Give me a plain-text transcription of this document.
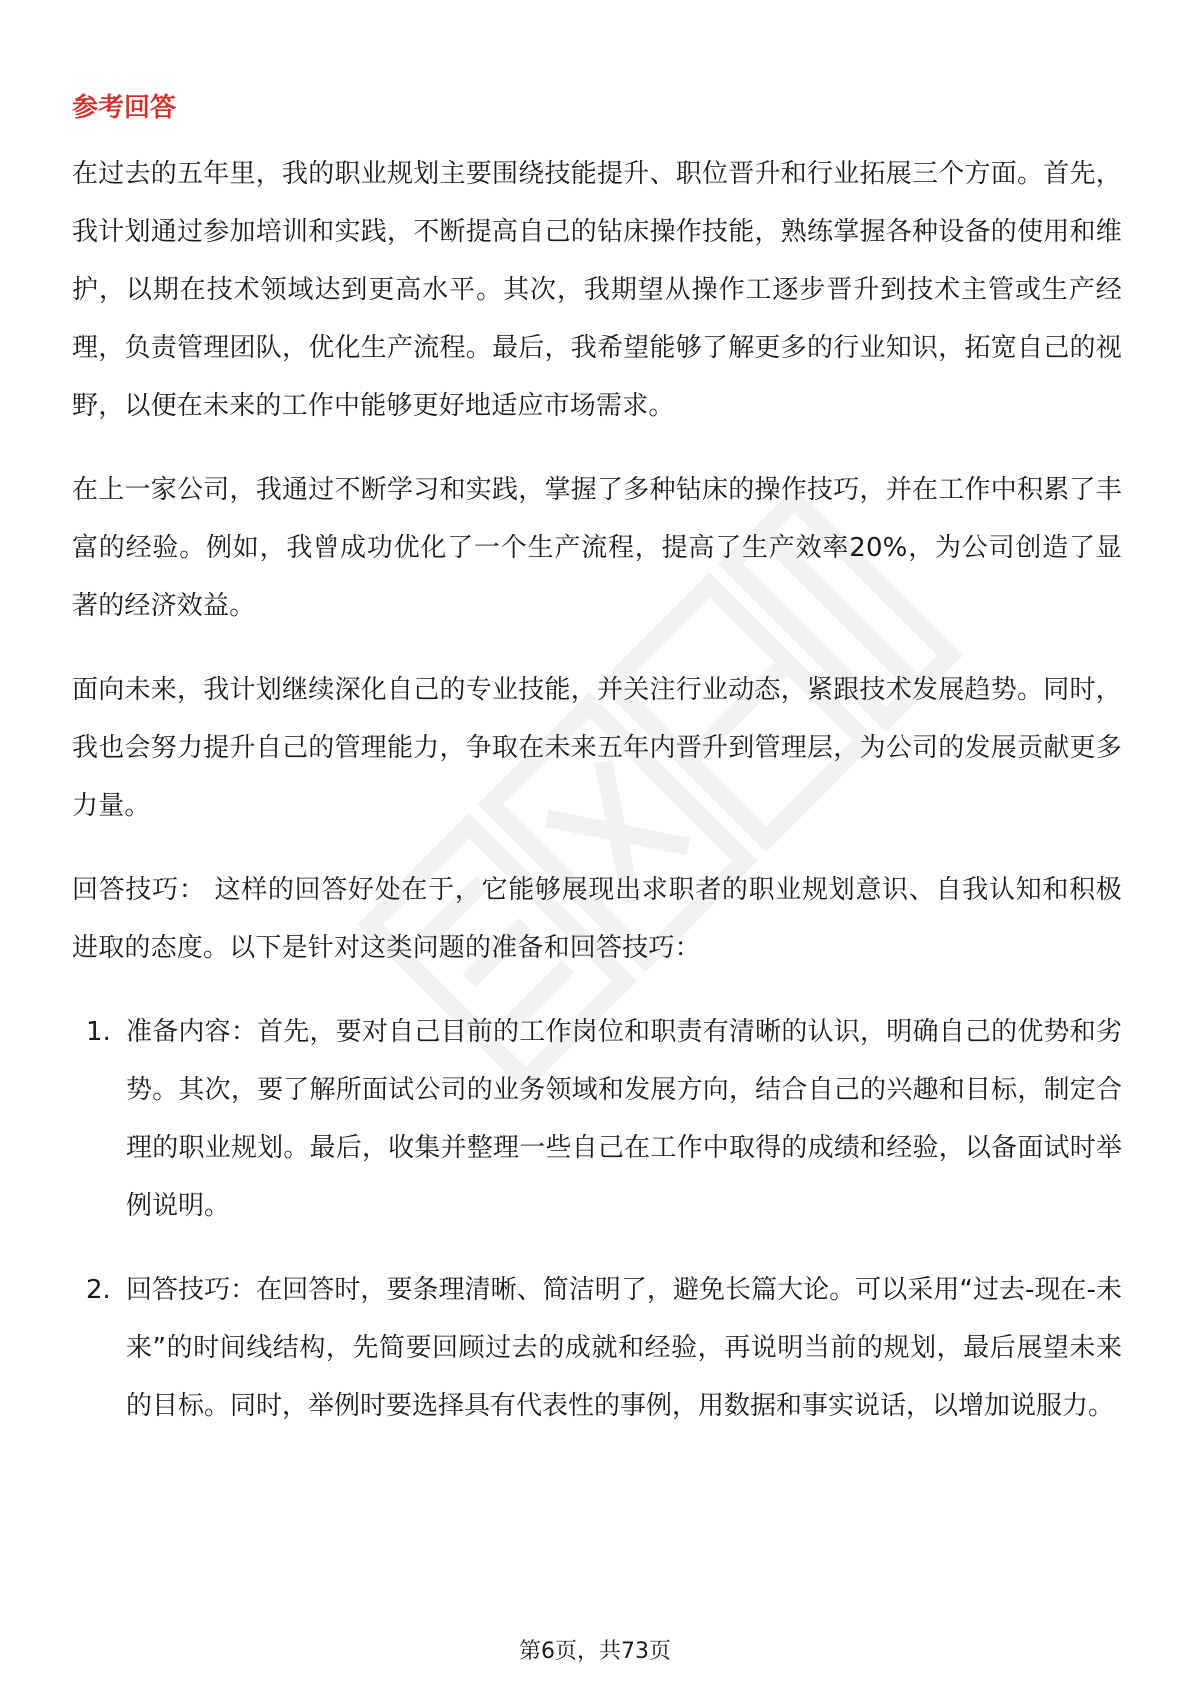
参考回答

在过去的五年里，我的职业规划主要围绕技能提升、职位晋升和行业拓展三个方面。首先，我计划通过参加培训和实践，不断提高自己的钻床操作技能，熟练掌握各种设备的使用和维护，以期在技术领域达到更高水平。其次，我期望从操作工逐步晋升到技术主管或生产经理，负责管理团队，优化生产流程。最后，我希望能够了解更多的行业知识，拓宽自己的视野，以便在未来的工作中能够更好地适应市场需求。

在上一家公司，我通过不断学习和实践，掌握了多种钻床的操作技巧，并在工作中积累了丰富的经验。例如，我曾成功优化了一个生产流程，提高了生产效率20%，为公司创造了显著的经济效益。

面向未来，我计划继续深化自己的专业技能，并关注行业动态，紧跟技术发展趋势。同时，我也会努力提升自己的管理能力，争取在未来五年内晋升到管理层，为公司的发展贡献更多力量。

回答技巧： 这样的回答好处在于，它能够展现出求职者的职业规划意识、自我认知和积极进取的态度。以下是针对这类问题的准备和回答技巧：

1. 准备内容：首先，要对自己目前的工作岗位和职责有清晰的认识，明确自己的优势和劣势。其次，要了解所面试公司的业务领域和发展方向，结合自己的兴趣和目标，制定合理的职业规划。最后，收集并整理一些自己在工作中取得的成绩和经验，以备面试时举例说明。

2. 回答技巧：在回答时，要条理清晰、简洁明了，避免长篇大论。可以采用“过去-现在-未来”的时间线结构，先简要回顾过去的成就和经验，再说明当前的规划，最后展望未来的目标。同时，举例时要选择具有代表性的事例，用数据和事实说话，以增加说服力。

第6页，共73页
